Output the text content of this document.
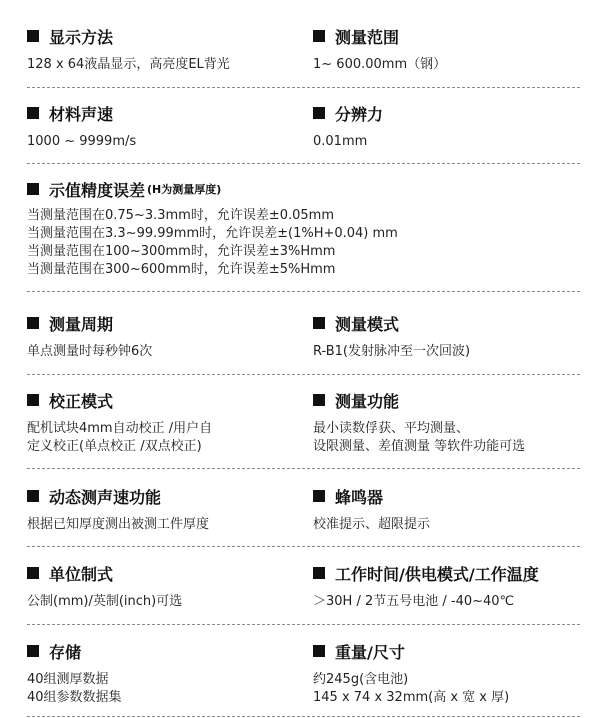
显示方法
128 x 64液晶显示，高亮度EL背光
测量范围
1~ 600.00mm（钢）
材料声速
1000 ~ 9999m/s
分辨力
0.01mm
示值精度误差 (H为测量厚度)
当测量范围在0.75~3.3mm时，允许误差±0.05mm
当测量范围在3.3~99.99mm时，允许误差±(1%H+0.04) mm
当测量范围在100~300mm时，允许误差±3%Hmm
当测量范围在300~600mm时，允许误差±5%Hmm
测量周期
单点测量时每秒钟6次
测量模式
R-B1(发射脉冲至一次回波)
校正模式
配机试块4mm自动校正 /用户自
定义校正(单点校正 /双点校正)
测量功能
最小读数俘获、平均测量、
设限测量、差值测量 等软件功能可选
动态测声速功能
根据已知厚度测出被测工件厚度
蜂鸣器
校准提示、超限提示
单位制式
公制(mm)/英制(inch)可选
工作时间/供电模式/工作温度
＞30H / 2节五号电池 / -40~40℃
存储
40组测厚数据
40组参数数据集
重量/尺寸
约245g(含电池)
145 x 74 x 32mm(高 x 宽 x 厚)
